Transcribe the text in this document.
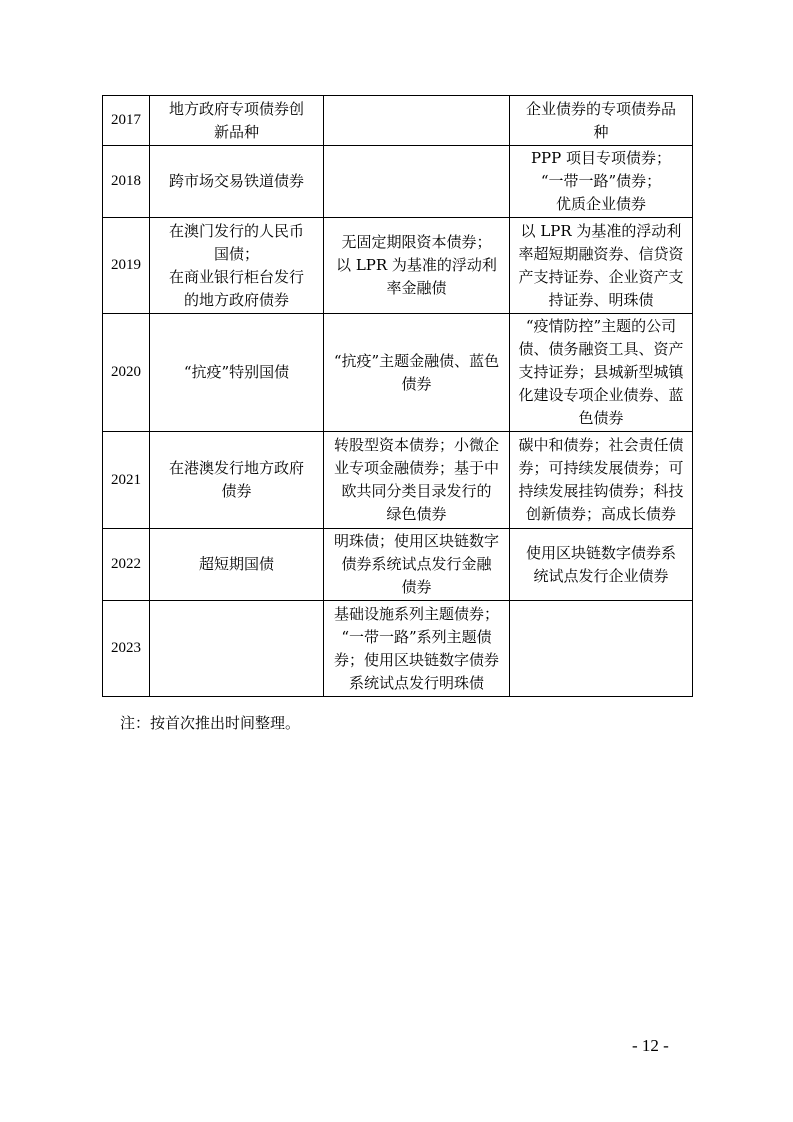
2017	地方政府专项债券创
新品种		企业债券的专项债券品
种

2018	跨市场交易铁道债券		PPP 项目专项债券；
“一带一路”债券；
优质企业债券

2019	在澳门发行的人民币
国债；
在商业银行柜台发行
的地方政府债券	无固定期限资本债券；
以 LPR 为基准的浮动利
率金融债	以 LPR 为基准的浮动利
率超短期融资券、信贷资
产支持证券、企业资产支
持证券、明珠债

2020	“抗疫”特别国债	“抗疫”主题金融债、蓝色
债券	“疫情防控”主题的公司
债、债务融资工具、资产
支持证券；县城新型城镇
化建设专项企业债券、蓝
色债券

2021	在港澳发行地方政府
债券	转股型资本债券；小微企
业专项金融债券；基于中
欧共同分类目录发行的
绿色债券	碳中和债券；社会责任债
券；可持续发展债券；可
持续发展挂钩债券；科技
创新债券；高成长债券

2022	超短期国债	明珠债；使用区块链数字
债券系统试点发行金融
债券	使用区块链数字债券系
统试点发行企业债券

2023		基础设施系列主题债券；
“一带一路”系列主题债
券；使用区块链数字债券
系统试点发行明珠债	

注：按首次推出时间整理。
- 12 -
